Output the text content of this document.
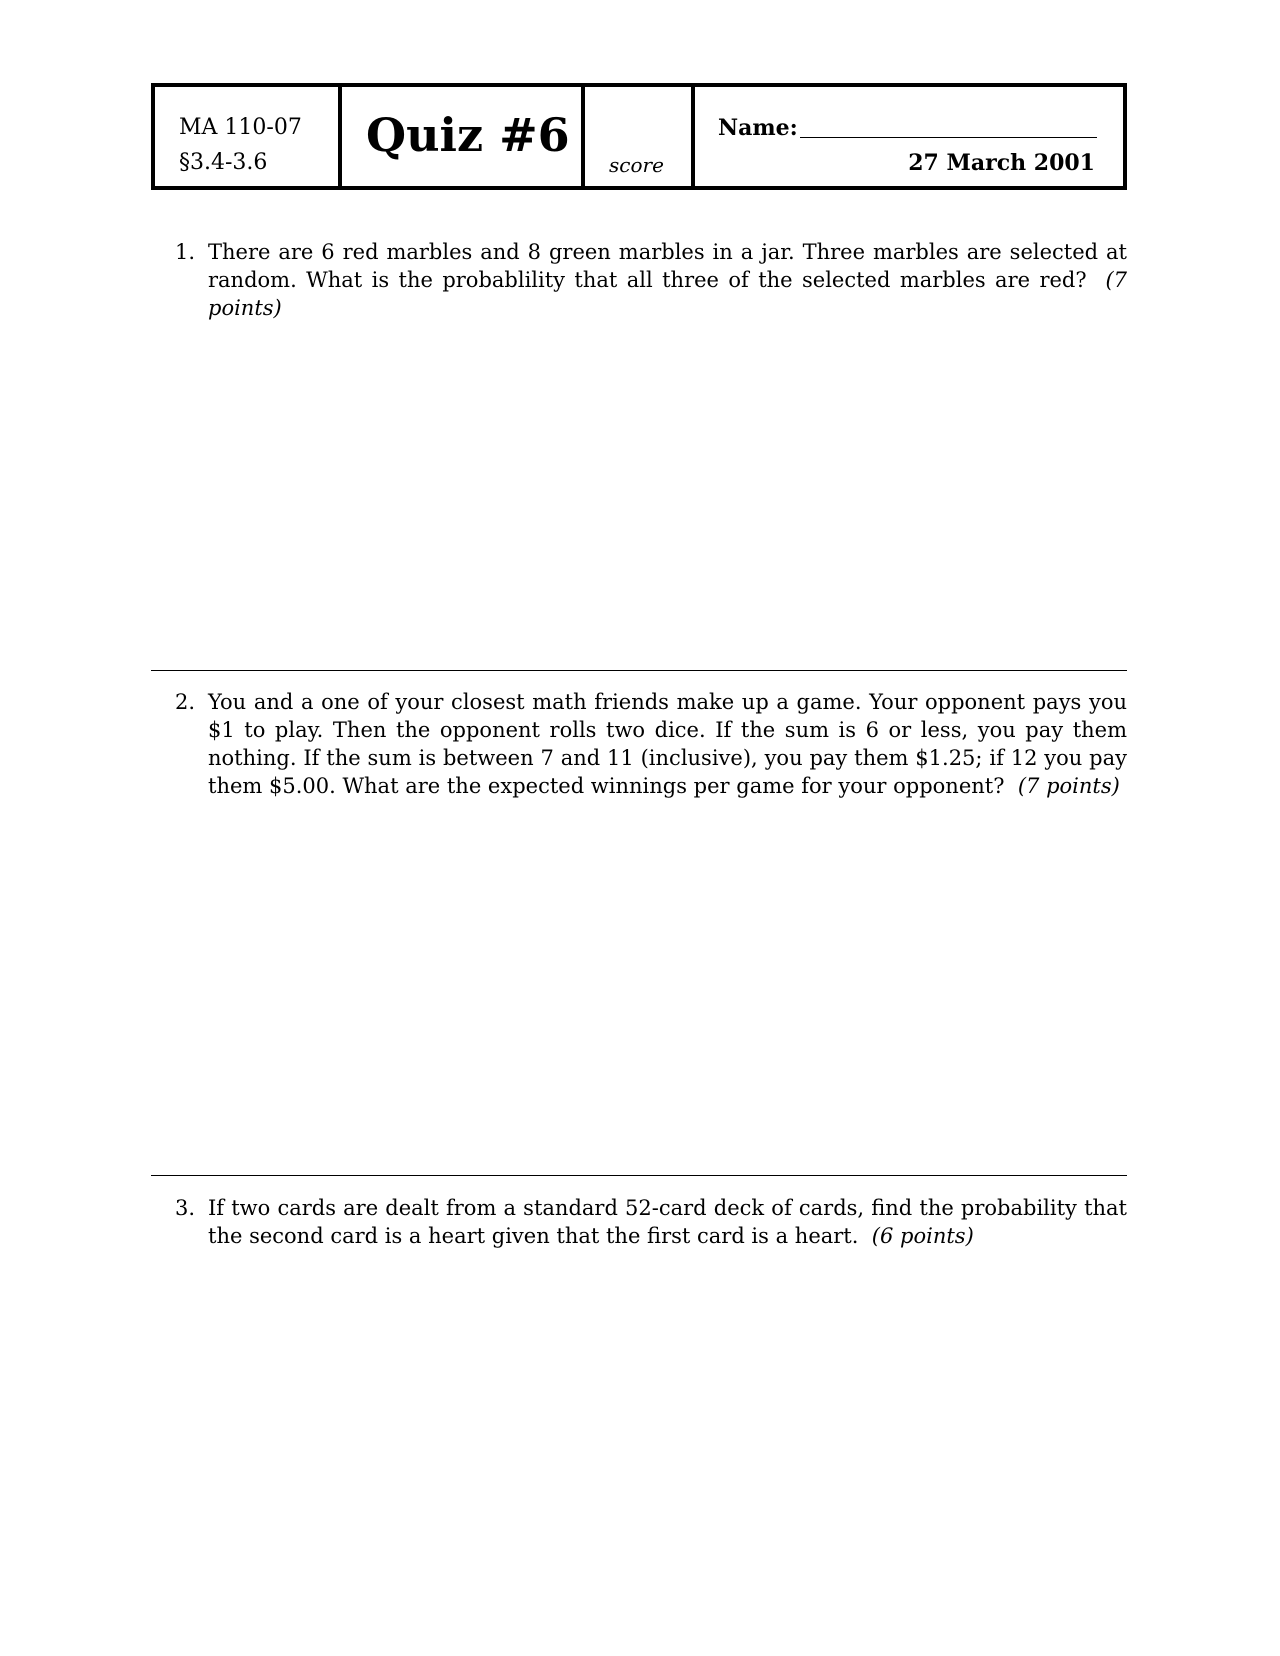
MA 110-07
§3.4-3.6
Quiz #6
score
Name:
27 March 2001
1. There are 6 red marbles and 8 green marbles in a jar. Three marbles are selected at random. What is the probablility that all three of the selected marbles are red? (7 points)
2. You and a one of your closest math friends make up a game. Your opponent pays you $1 to play. Then the opponent rolls two dice. If the sum is 6 or less, you pay them nothing. If the sum is between 7 and 11 (inclusive), you pay them $1.25; if 12 you pay them $5.00. What are the expected winnings per game for your opponent? (7 points)
3. If two cards are dealt from a standard 52-card deck of cards, find the probability that the second card is a heart given that the first card is a heart. (6 points)
